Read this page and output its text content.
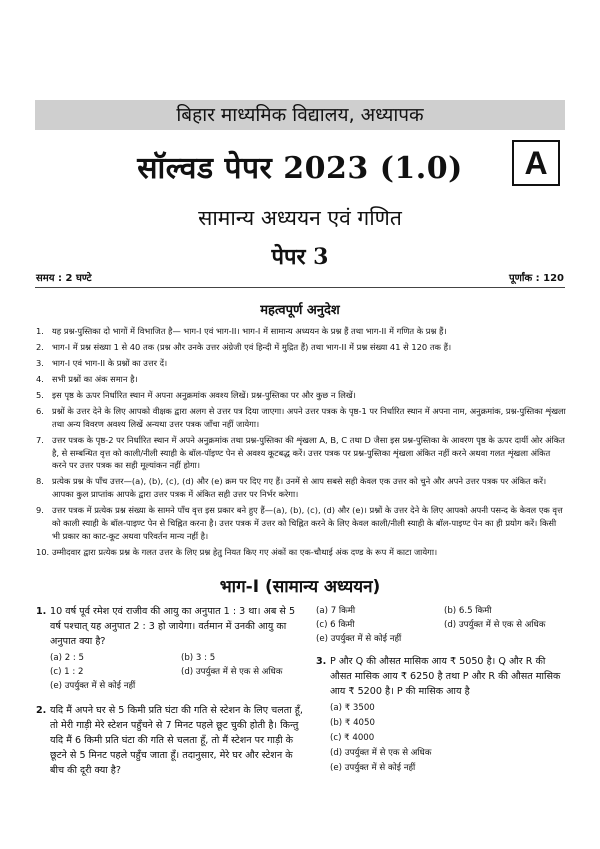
बिहार माध्यमिक विद्यालय, अध्यापक
सॉल्वड पेपर 2023 (1.0)	A
सामान्य अध्ययन एवं गणित
पेपर 3
समय : 2 घण्टे	पूर्णांक : 120
महत्वपूर्ण अनुदेश
1. यह प्रश्न-पुस्तिका दो भागों में विभाजित है— भाग-I एवं भाग-II। भाग-I में सामान्य अध्ययन के प्रश्न हैं तथा भाग-II में गणित के प्रश्न हैं।
2. भाग-I में प्रश्न संख्या 1 से 40 तक (प्रश्न और उनके उत्तर अंग्रेजी एवं हिन्दी में मुद्रित हैं) तथा भाग-II में प्रश्न संख्या 41 से 120 तक हैं।
3. भाग-I एवं भाग-II के प्रश्नों का उत्तर दें।
4. सभी प्रश्नों का अंक समान है।
5. इस पृष्ठ के ऊपर निर्धारित स्थान में अपना अनुक्रमांक अवश्य लिखें। प्रश्न-पुस्तिका पर और कुछ न लिखें।
6. प्रश्नों के उत्तर देने के लिए आपको वीक्षक द्वारा अलग से उत्तर पत्र दिया जाएगा। अपने उत्तर पत्रक के पृष्ठ-1 पर निर्धारित स्थान में अपना नाम, अनुक्रमांक, प्रश्न-पुस्तिका शृंखला तथा अन्य विवरण अवश्य लिखें अन्यथा उत्तर पत्रक जाँचा नहीं जायेगा।
7. उत्तर पत्रक के पृष्ठ-2 पर निर्धारित स्थान में अपने अनुक्रमांक तथा प्रश्न-पुस्तिका की शृंखला A, B, C तथा D जैसा इस प्रश्न-पुस्तिका के आवरण पृष्ठ के ऊपर दायीं ओर अंकित है, से सम्बन्धित वृत्त को काली/नीली स्याही के बॉल-पॉइण्ट पेन से अवश्य कूटबद्ध करें। उत्तर पत्रक पर प्रश्न-पुस्तिका शृंखला अंकित नहीं करने अथवा गलत शृंखला अंकित करने पर उत्तर पत्रक का सही मूल्यांकन नहीं होगा।
8. प्रत्येक प्रश्न के पाँच उत्तर—(a), (b), (c), (d) और (e) क्रम पर दिए गए हैं। उनमें से आप सबसे सही केवल एक उत्तर को चुने और अपने उत्तर पत्रक पर अंकित करें। आपका कुल प्राप्तांक आपके द्वारा उत्तर पत्रक में अंकित सही उत्तर पर निर्भर करेगा।
9. उत्तर पत्रक में प्रत्येक प्रश्न संख्या के सामने पाँच वृत्त इस प्रकार बने हुए हैं—(a), (b), (c), (d) और (e)। प्रश्नों के उत्तर देने के लिए आपको अपनी पसन्द के केवल एक वृत्त को काली स्याही के बॉल-पाइण्ट पेन से चिह्नित करना है। उत्तर पत्रक में उत्तर को चिह्नित करने के लिए केवल काली/नीली स्याही के बॉल-पाइण्ट पेन का ही प्रयोग करें। किसी भी प्रकार का काट-कूट अथवा परिवर्तन मान्य नहीं है।
10. उम्मीदवार द्वारा प्रत्येक प्रश्न के गलत उत्तर के लिए प्रश्न हेतु नियत किए गए अंकों का एक-चौथाई अंक दण्ड के रूप में काटा जायेगा।
भाग-I (सामान्य अध्ययन)
1. 10 वर्ष पूर्व रमेश एवं राजीव की आयु का अनुपात 1 : 3 था। अब से 5 वर्ष पश्चात् यह अनुपात 2 : 3 हो जायेगा। वर्तमान में उनकी आयु का अनुपात क्या है?
(a) 2 : 5	(b) 3 : 5
(c) 1 : 2	(d) उपर्युक्त में से एक से अधिक
(e) उपर्युक्त में से कोई नहीं
2. यदि मैं अपने घर से 5 किमी प्रति घंटा की गति से स्टेशन के लिए चलता हूँ, तो मेरी गाड़ी मेरे स्टेशन पहुँचने से 7 मिनट पहले छूट चुकी होती है। किन्तु यदि मैं 6 किमी प्रति घंटा की गति से चलता हूँ, तो मैं स्टेशन पर गाड़ी के छूटने से 5 मिनट पहले पहुँच जाता हूँ। तदानुसार, मेरे घर और स्टेशन के बीच की दूरी क्या है?
(a) 7 किमी	(b) 6.5 किमी
(c) 6 किमी	(d) उपर्युक्त में से एक से अधिक
(e) उपर्युक्त में से कोई नहीं
3. P और Q की औसत मासिक आय ₹ 5050 है। Q और R की औसत मासिक आय ₹ 6250 है तथा P और R की औसत मासिक आय ₹ 5200 है। P की मासिक आय है
(a) ₹ 3500
(b) ₹ 4050
(c) ₹ 4000
(d) उपर्युक्त में से एक से अधिक
(e) उपर्युक्त में से कोई नहीं
